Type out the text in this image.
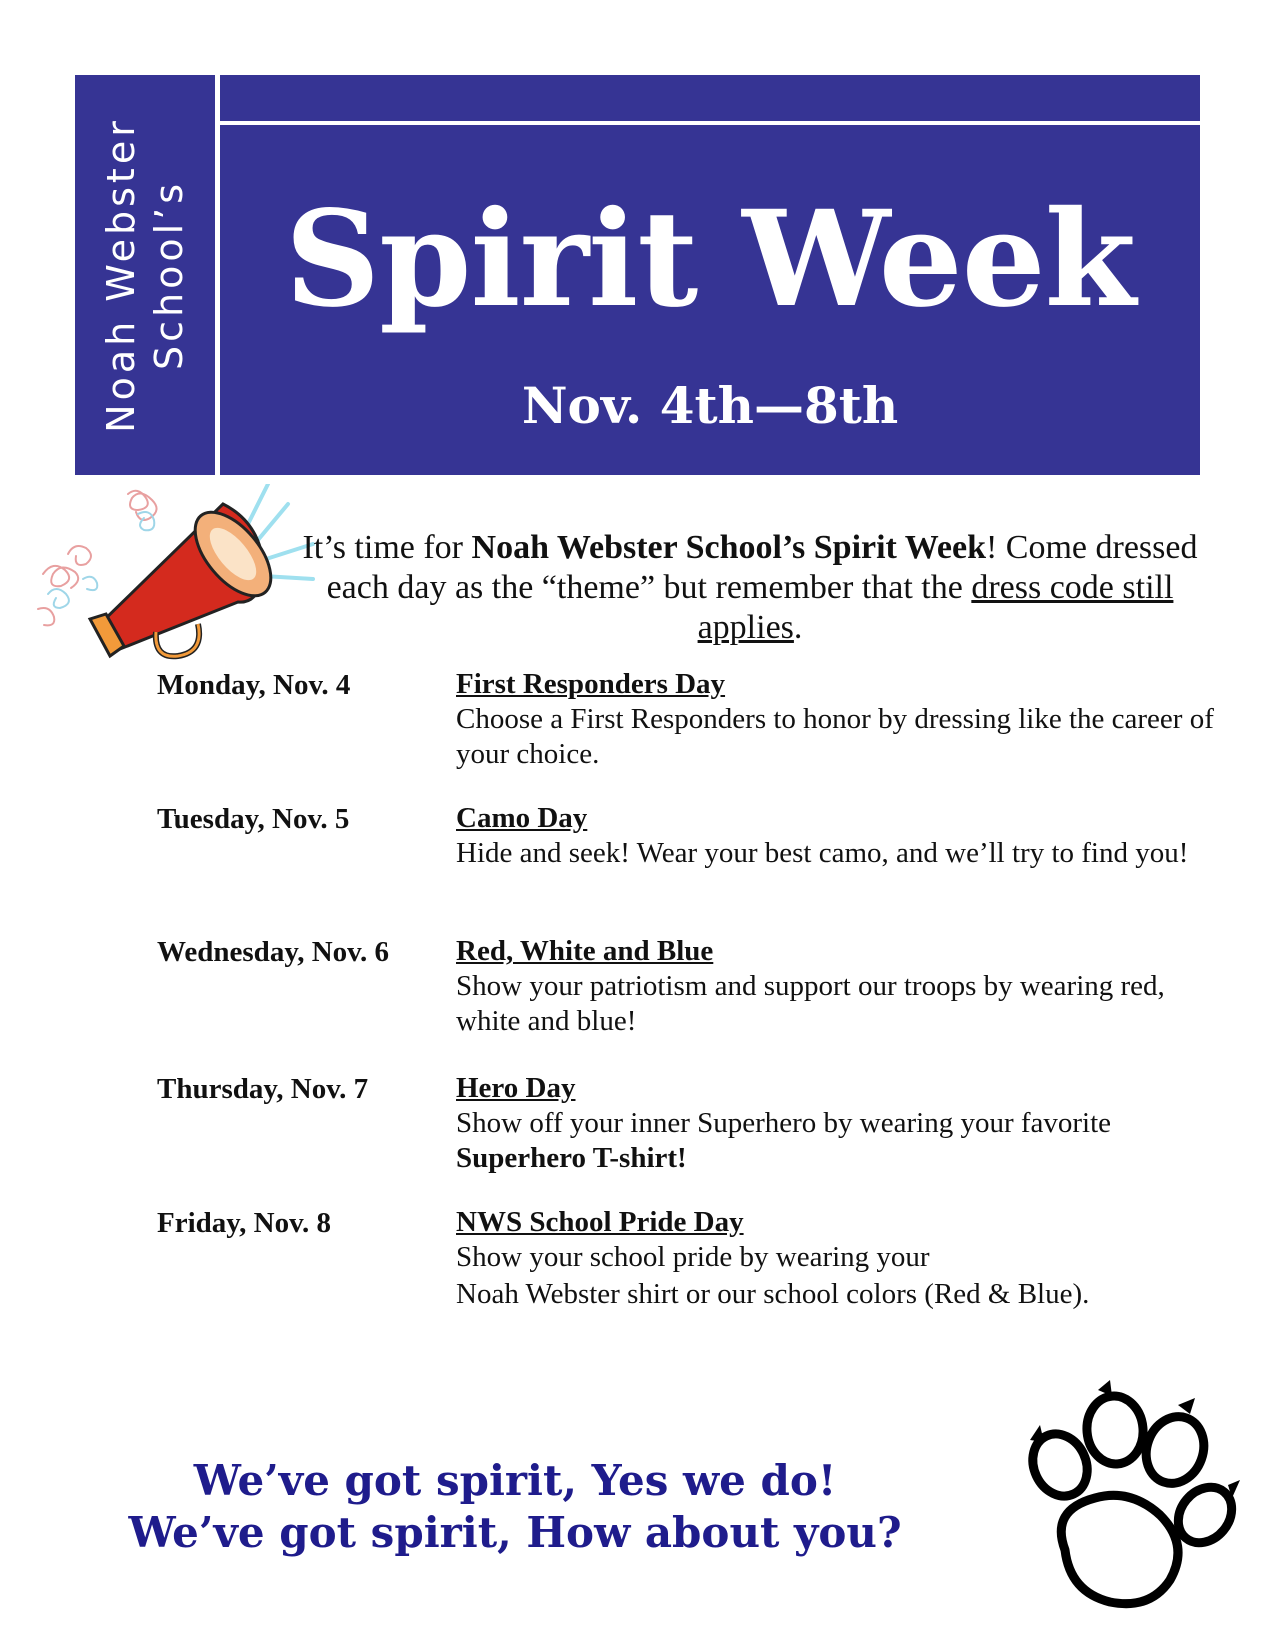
Noah Webster School’s Spirit Week
Nov. 4th—8th
It’s time for Noah Webster School’s Spirit Week! Come dressed each day as the “theme” but remember that the dress code still applies.
Monday, Nov. 4	First Responders Day
Choose a First Responders to honor by dressing like the career of your choice.
Tuesday, Nov. 5	Camo Day
Hide and seek! Wear your best camo, and we’ll try to find you!
Wednesday, Nov. 6 Red, White and Blue
Show your patriotism and support our troops by wearing red, white and blue!
Thursday, Nov. 7	Hero Day
Show off your inner Superhero by wearing your favorite Superhero T-shirt!
Friday, Nov. 8	NWS School Pride Day
Show your school pride by wearing your
Noah Webster shirt or our school colors (Red & Blue).
We’ve got spirit, Yes we do!
We’ve got spirit, How about you?
